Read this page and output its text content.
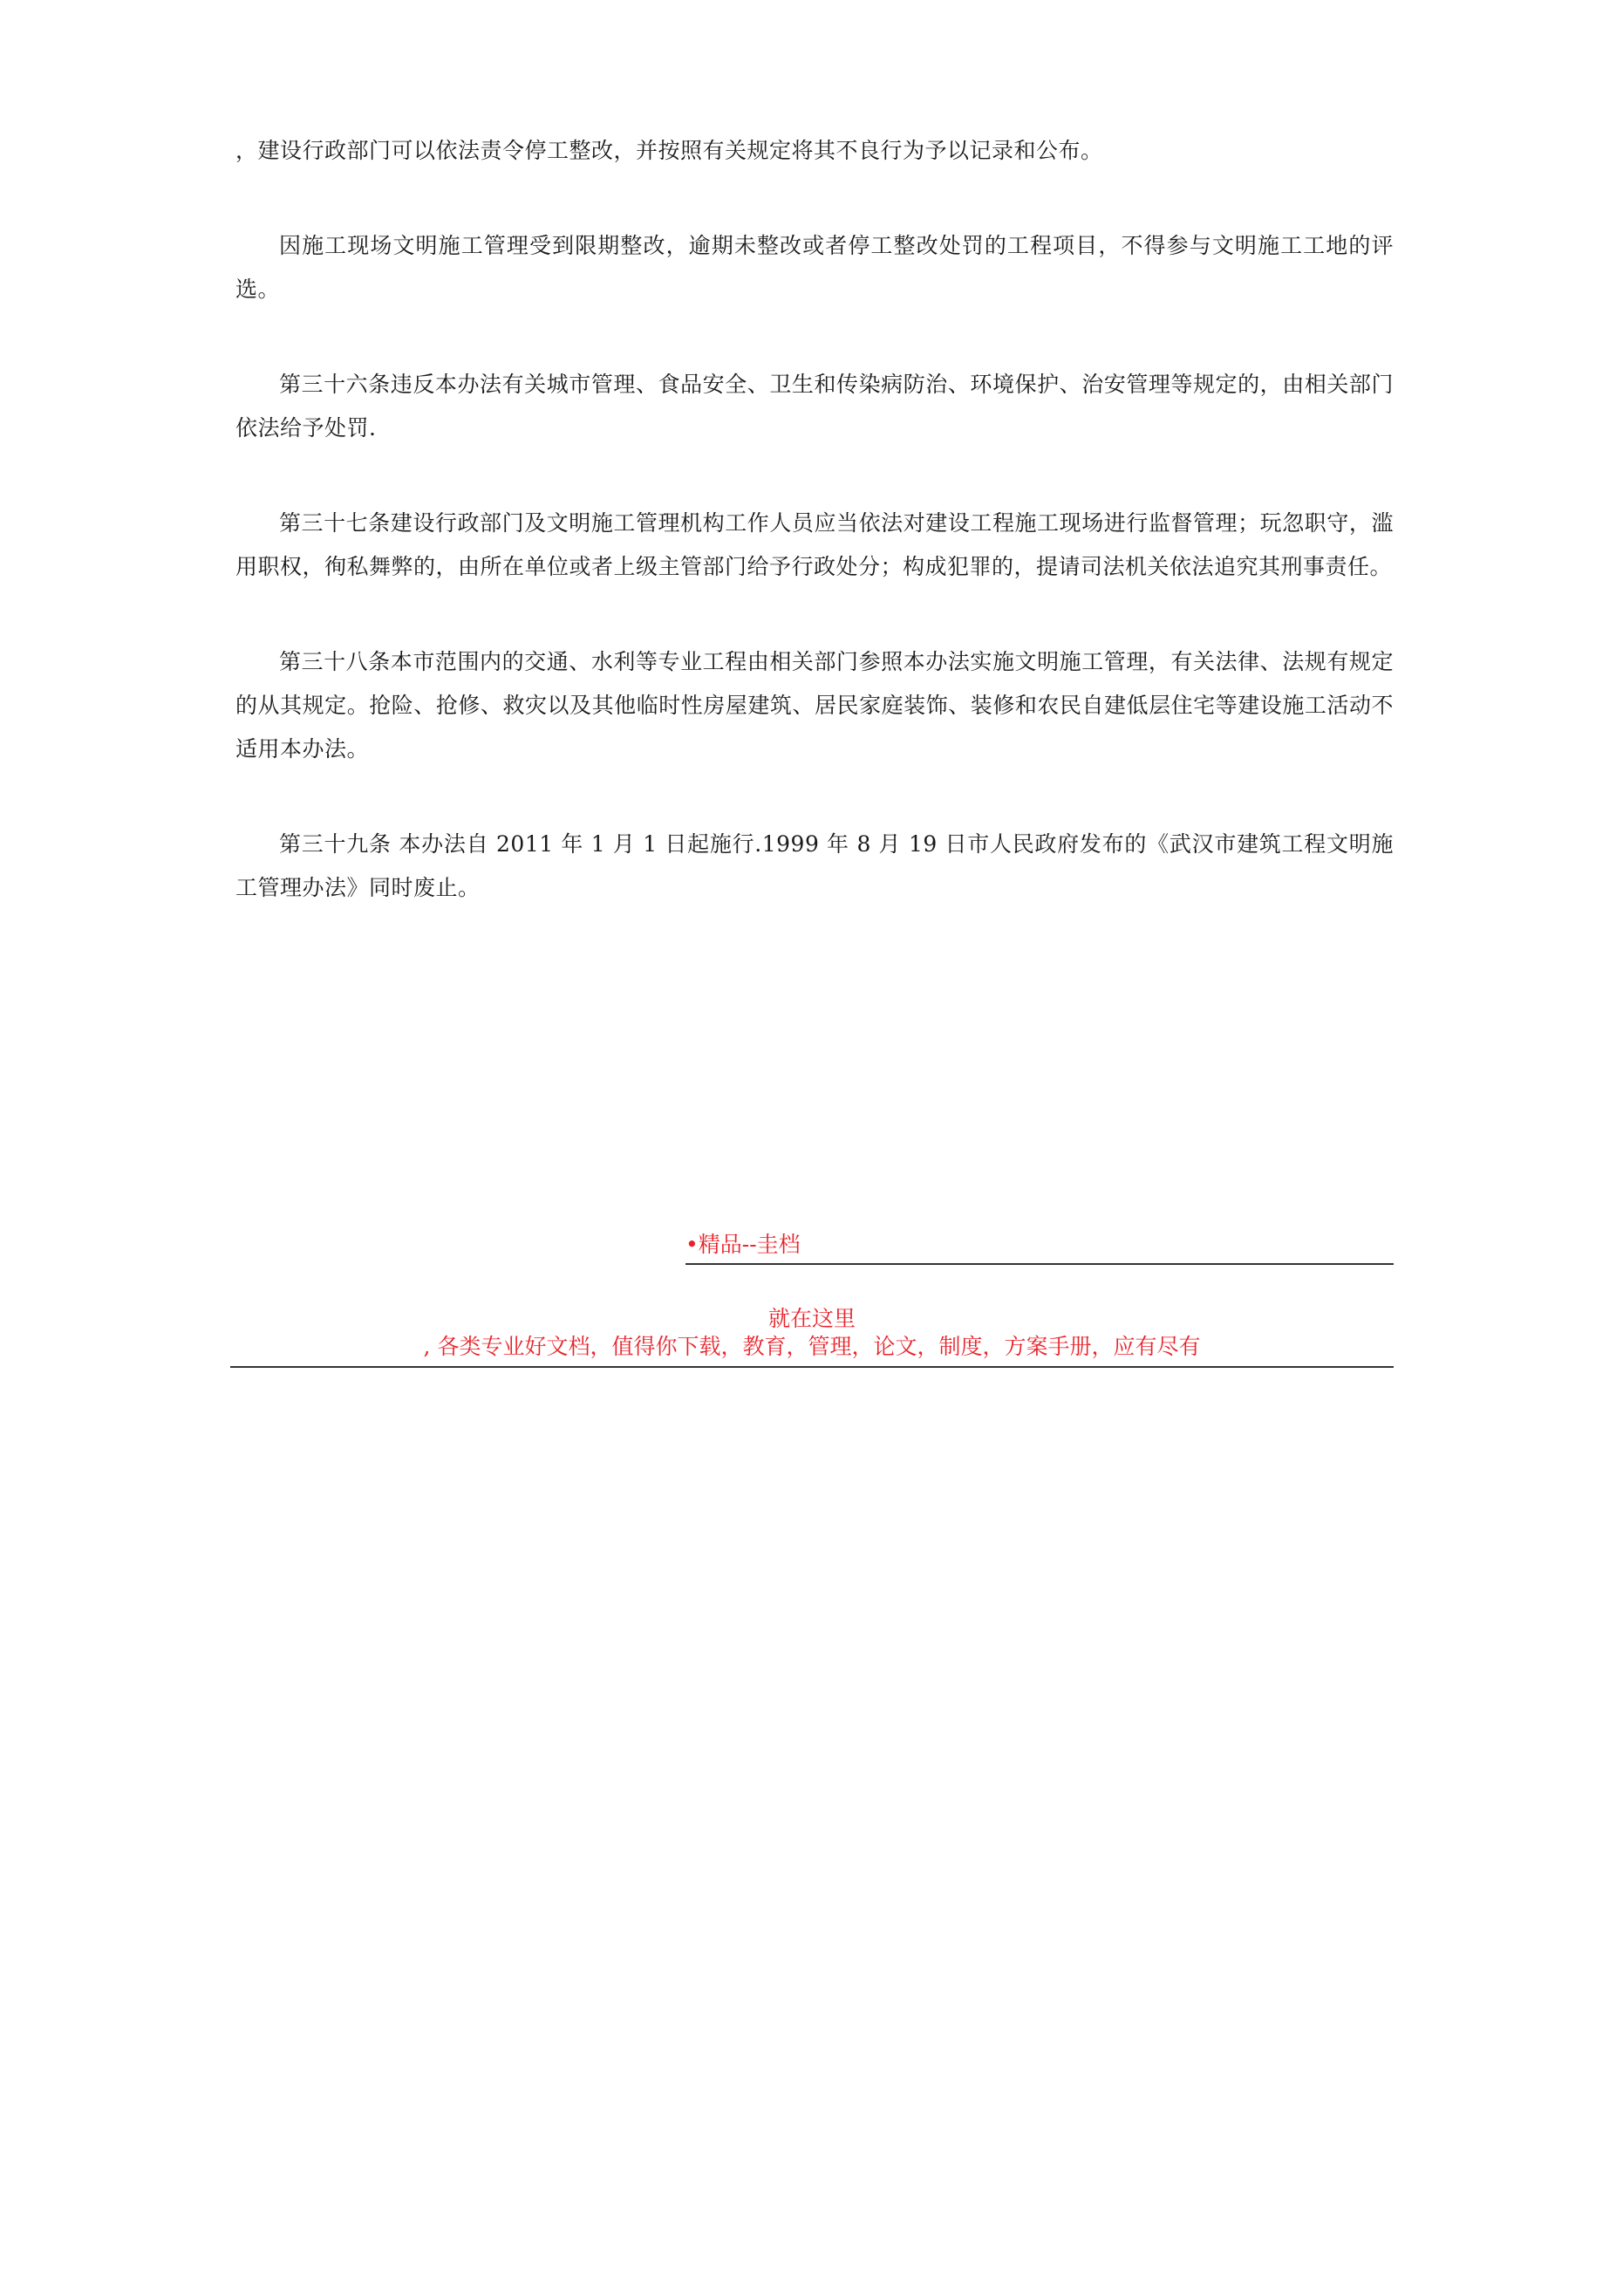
，建设行政部门可以依法责令停工整改，并按照有关规定将其不良行为予以记录和公布。

因施工现场文明施工管理受到限期整改，逾期未整改或者停工整改处罚的工程项目，不得参与文明施工工地的评选。

第三十六条违反本办法有关城市管理、食品安全、卫生和传染病防治、环境保护、治安管理等规定的，由相关部门依法给予处罚.

第三十七条建设行政部门及文明施工管理机构工作人员应当依法对建设工程施工现场进行监督管理；玩忽职守，滥用职权，徇私舞弊的，由所在单位或者上级主管部门给予行政处分；构成犯罪的，提请司法机关依法追究其刑事责任。

第三十八条本市范围内的交通、水利等专业工程由相关部门参照本办法实施文明施工管理，有关法律、法规有规定的从其规定。抢险、抢修、救灾以及其他临时性房屋建筑、居民家庭装饰、装修和农民自建低层住宅等建设施工活动不适用本办法。

第三十九条 本办法自 2011 年 1 月 1 日起施行.1999 年 8 月 19 日市人民政府发布的《武汉市建筑工程文明施工管理办法》同时废止。

•精品--圭档
就在这里
, 各类专业好文档，值得你下载，教育，管理，论文，制度，方案手册，应有尽有
